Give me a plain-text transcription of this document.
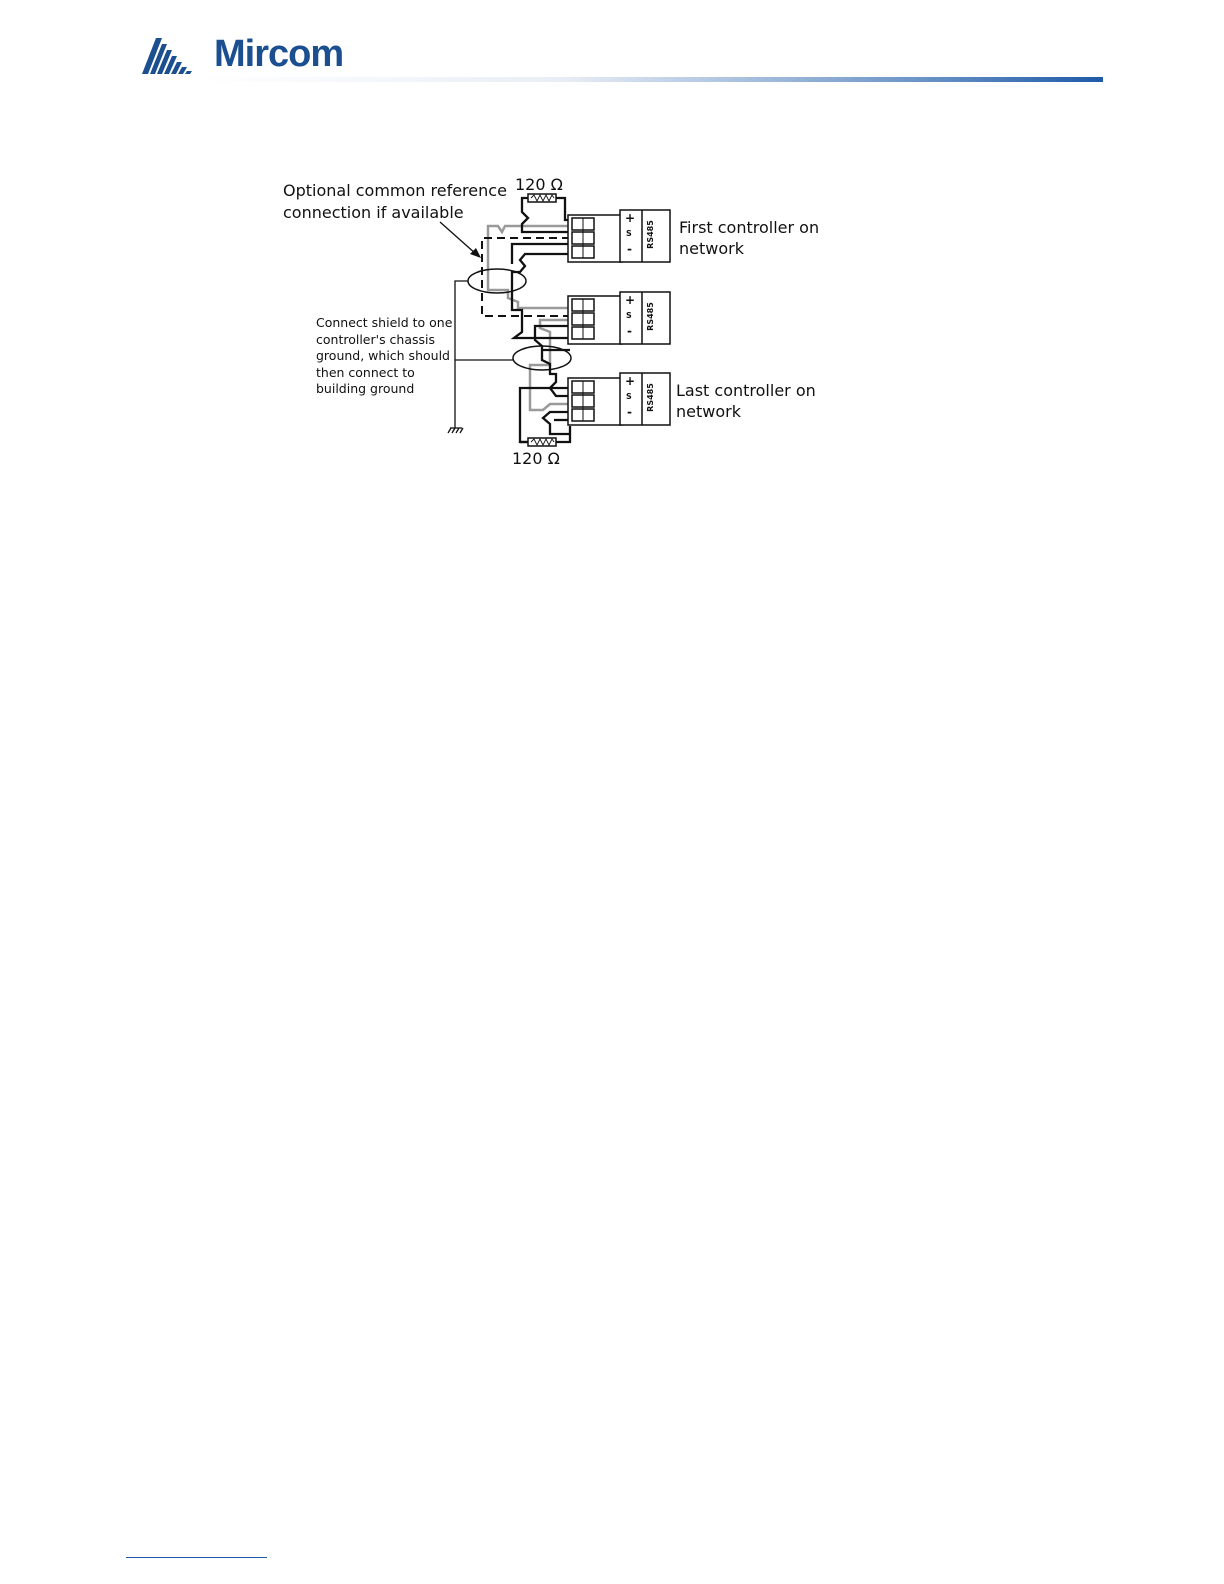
Mircom
+
S
-
RS485
+
S
-
RS485
+
S
-
RS485
120 Ω
120 Ω
Optional common reference
connection if available
Connect shield to one
controller's chassis
ground, which should
then connect to
building ground
First controller on
network
Last controller on
network
